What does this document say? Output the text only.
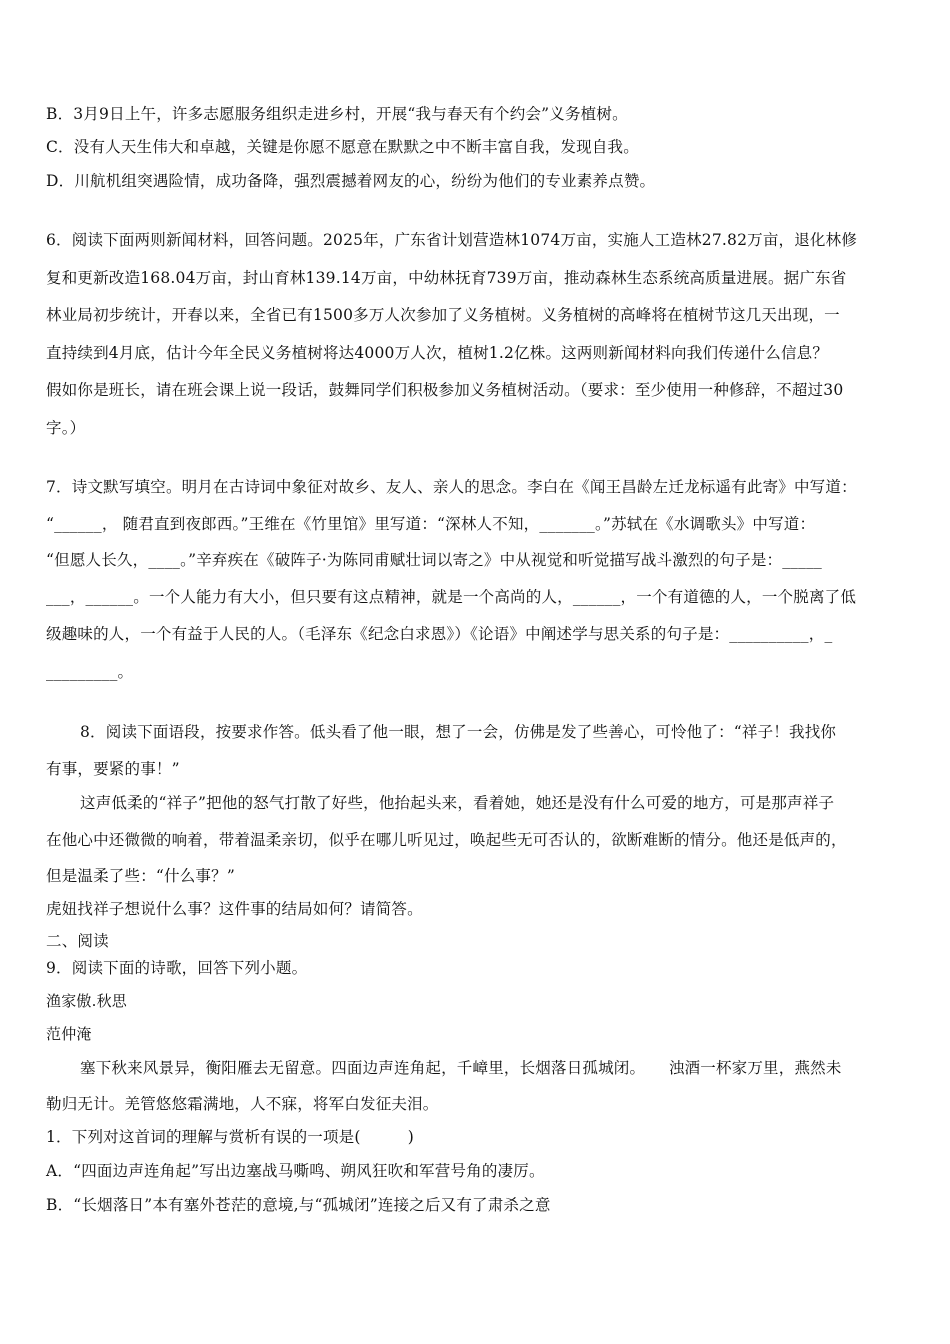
B．3月9日上午，许多志愿服务组织走进乡村，开展“我与春天有个约会”义务植树。
C．没有人天生伟大和卓越，关键是你愿不愿意在默默之中不断丰富自我，发现自我。
D．川航机组突遇险情，成功备降，强烈震撼着网友的心，纷纷为他们的专业素养点赞。
6．阅读下面两则新闻材料，回答问题。2025年，广东省计划营造林1074万亩，实施人工造林27.82万亩，退化林修
复和更新改造168.04万亩，封山育林139.14万亩，中幼林抚育739万亩，推动森林生态系统高质量进展。据广东省
林业局初步统计，开春以来，全省已有1500多万人次参加了义务植树。义务植树的高峰将在植树节这几天出现，一
直持续到4月底，估计今年全民义务植树将达4000万人次，植树1.2亿株。这两则新闻材料向我们传递什么信息？
假如你是班长，请在班会课上说一段话，鼓舞同学们积极参加义务植树活动。（要求：至少使用一种修辞，不超过30
字。）
7．诗文默写填空。明月在古诗词中象征对故乡、友人、亲人的思念。李白在《闻王昌龄左迁龙标遥有此寄》中写道：
“______， 随君直到夜郎西。”王维在《竹里馆》里写道：“深林人不知，_______。”苏轼在《水调歌头》中写道：
“但愿人长久，____。”辛弃疾在《破阵子·为陈同甫赋壮词以寄之》中从视觉和听觉描写战斗激烈的句子是：_____
___，______。一个人能力有大小，但只要有这点精神，就是一个高尚的人，______，一个有道德的人，一个脱离了低
级趣味的人，一个有益于人民的人。（毛泽东《纪念白求恩》）《论语》中阐述学与思关系的句子是：__________，_
_________。
8．阅读下面语段，按要求作答。低头看了他一眼，想了一会，仿佛是发了些善心，可怜他了：“祥子！我找你
有事，要紧的事！”
这声低柔的“祥子”把他的怒气打散了好些，他抬起头来，看着她，她还是没有什么可爱的地方，可是那声祥子
在他心中还微微的响着，带着温柔亲切，似乎在哪儿听见过，唤起些无可否认的，欲断难断的情分。他还是低声的，
但是温柔了些：“什么事？”
虎妞找祥子想说什么事？这件事的结局如何？请简答。
二、阅读
9．阅读下面的诗歌，回答下列小题。
渔家傲.秋思
范仲淹
塞下秋来风景异，衡阳雁去无留意。四面边声连角起，千嶂里，长烟落日孤城闭。　　浊酒一杯家万里，燕然未
勒归无计。羌管悠悠霜满地，人不寐，将军白发征夫泪。
1．下列对这首词的理解与赏析有误的一项是(　　　)
A．“四面边声连角起”写出边塞战马嘶鸣、朔风狂吹和军营号角的凄厉。
B．“长烟落日”本有塞外苍茫的意境,与“孤城闭”连接之后又有了肃杀之意
